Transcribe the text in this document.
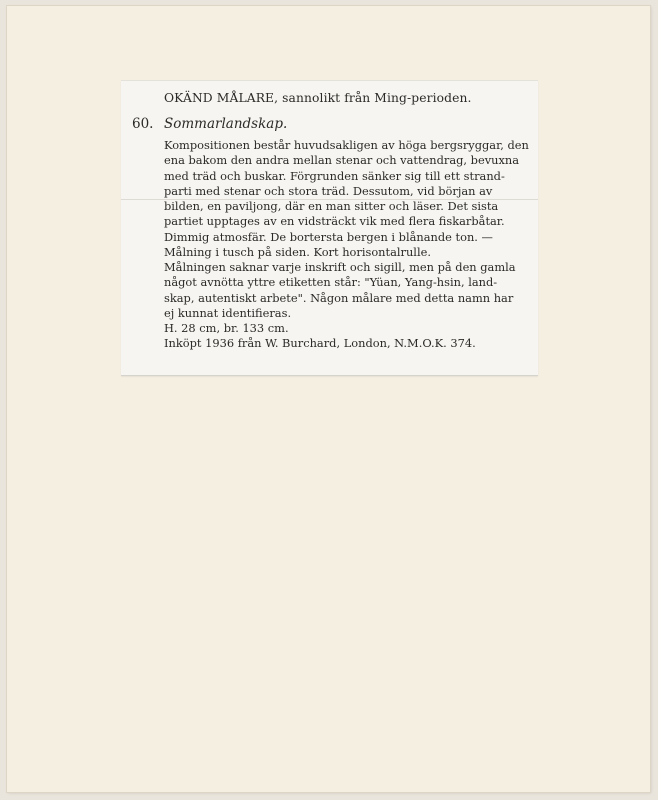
OKÄND MÅLARE, sannolikt från Ming-perioden.
60. Sommarlandskap.
Kompositionen består huvudsakligen av höga bergsryggar, den
ena bakom den andra mellan stenar och vattendrag, bevuxna
med träd och buskar. Förgrunden sänker sig till ett strand-
parti med stenar och stora träd. Dessutom, vid början av
bilden, en paviljong, där en man sitter och läser. Det sista
partiet upptages av en vidsträckt vik med flera fiskarbåtar.
Dimmig atmosfär. De bortersta bergen i blånande ton. —
Målning i tusch på siden. Kort horisontalrulle.
Målningen saknar varje inskrift och sigill, men på den gamla
något avnötta yttre etiketten står: "Yüan, Yang-hsin, land-
skap, autentiskt arbete". Någon målare med detta namn har
ej kunnat identifieras.
H. 28 cm, br. 133 cm.
Inköpt 1936 från W. Burchard, London, N.M.O.K. 374.
